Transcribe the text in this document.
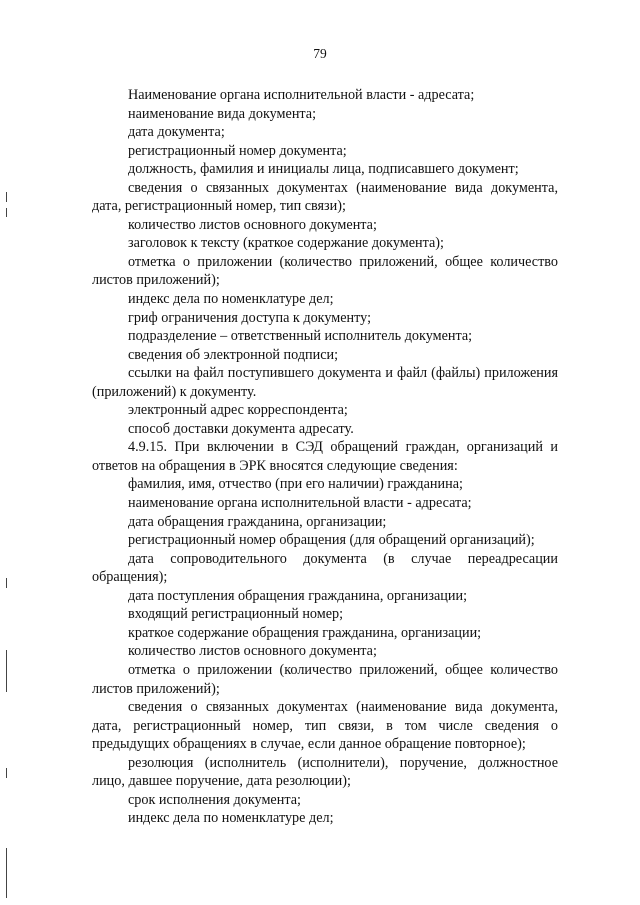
79

Наименование органа исполнительной власти - адресата;

наименование вида документа;

дата документа;

регистрационный номер документа;

должность, фамилия и инициалы лица, подписавшего документ;

сведения о связанных документах (наименование вида документа, дата, регистрационный номер, тип связи);

количество листов основного документа;

заголовок к тексту (краткое содержание документа);

отметка о приложении (количество приложений, общее количество листов приложений);

индекс дела по номенклатуре дел;

гриф ограничения доступа к документу;

подразделение – ответственный исполнитель документа;

сведения об электронной подписи;

ссылки на файл поступившего документа и файл (файлы) приложения (приложений) к документу.

электронный адрес корреспондента;

способ доставки документа адресату.

4.9.15. При включении в СЭД обращений граждан, организаций и ответов на обращения в ЭРК вносятся следующие сведения:

фамилия, имя, отчество (при его наличии) гражданина;

наименование органа исполнительной власти - адресата;

дата обращения гражданина, организации;

регистрационный номер обращения (для обращений организаций);

дата сопроводительного документа (в случае переадресации обращения);

дата поступления обращения гражданина, организации;

входящий регистрационный номер;

краткое содержание обращения гражданина, организации;

количество листов основного документа;

отметка о приложении (количество приложений, общее количество листов приложений);

сведения о связанных документах (наименование вида документа, дата, регистрационный номер, тип связи, в том числе сведения о предыдущих обращениях в случае, если данное обращение повторное);

резолюция (исполнитель (исполнители), поручение, должностное лицо, давшее поручение, дата резолюции);

срок исполнения документа;

индекс дела по номенклатуре дел;
